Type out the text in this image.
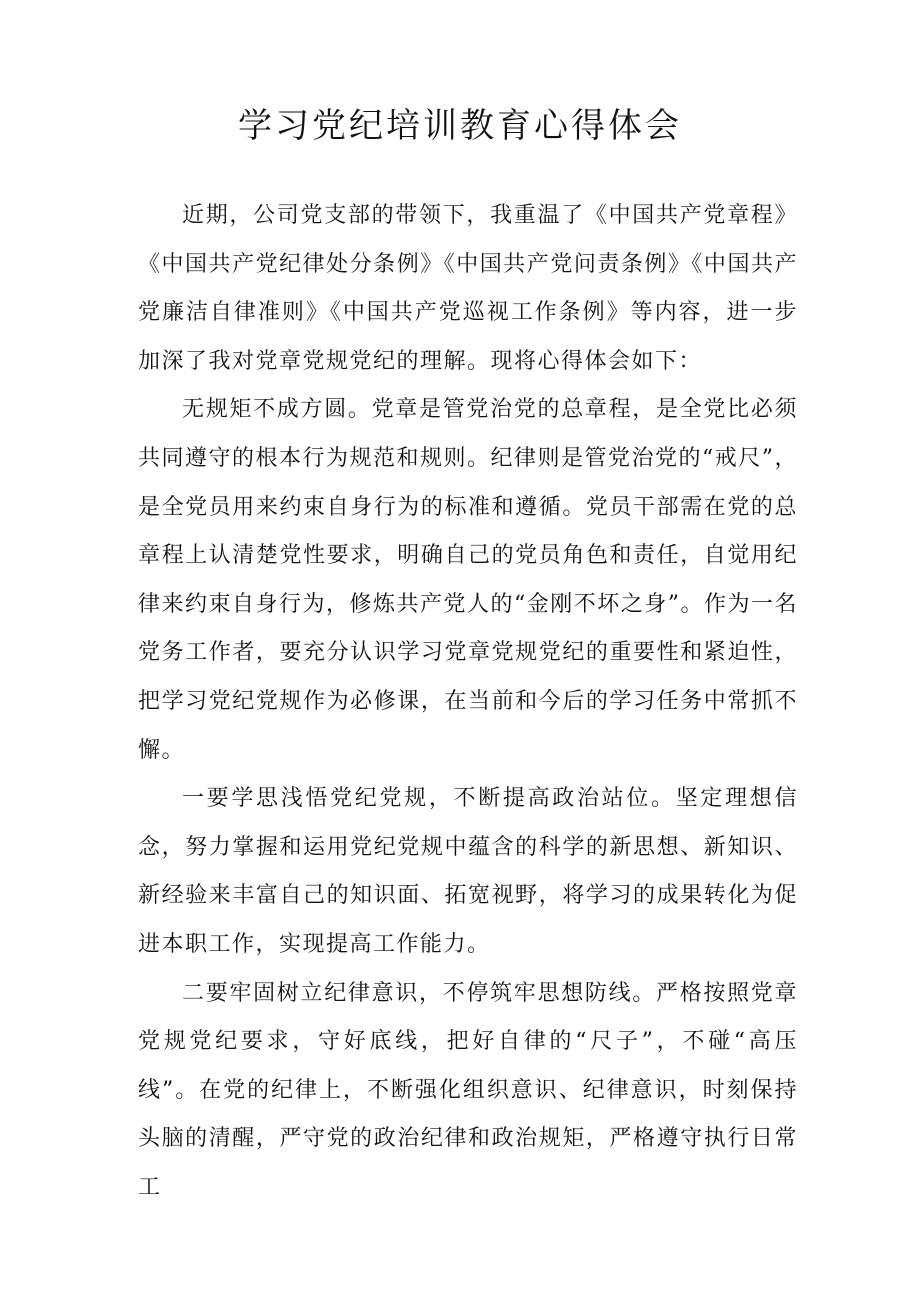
学习党纪培训教育心得体会

近期，公司党支部的带领下，我重温了《中国共产党章程》《中国共产党纪律处分条例》《中国共产党问责条例》《中国共产党廉洁自律准则》《中国共产党巡视工作条例》等内容，进一步加深了我对党章党规党纪的理解。现将心得体会如下：

无规矩不成方圆。党章是管党治党的总章程，是全党比必须共同遵守的根本行为规范和规则。纪律则是管党治党的“戒尺”，是全党员用来约束自身行为的标准和遵循。党员干部需在党的总章程上认清楚党性要求，明确自己的党员角色和责任，自觉用纪律来约束自身行为，修炼共产党人的“金刚不坏之身”。作为一名党务工作者，要充分认识学习党章党规党纪的重要性和紧迫性，把学习党纪党规作为必修课，在当前和今后的学习任务中常抓不懈。

一要学思浅悟党纪党规，不断提高政治站位。坚定理想信念，努力掌握和运用党纪党规中蕴含的科学的新思想、新知识、新经验来丰富自己的知识面、拓宽视野，将学习的成果转化为促进本职工作，实现提高工作能力。

二要牢固树立纪律意识，不停筑牢思想防线。严格按照党章党规党纪要求，守好底线，把好自律的“尺子”，不碰“高压线”。在党的纪律上，不断强化组织意识、纪律意识，时刻保持头脑的清醒，严守党的政治纪律和政治规矩，严格遵守执行日常工
